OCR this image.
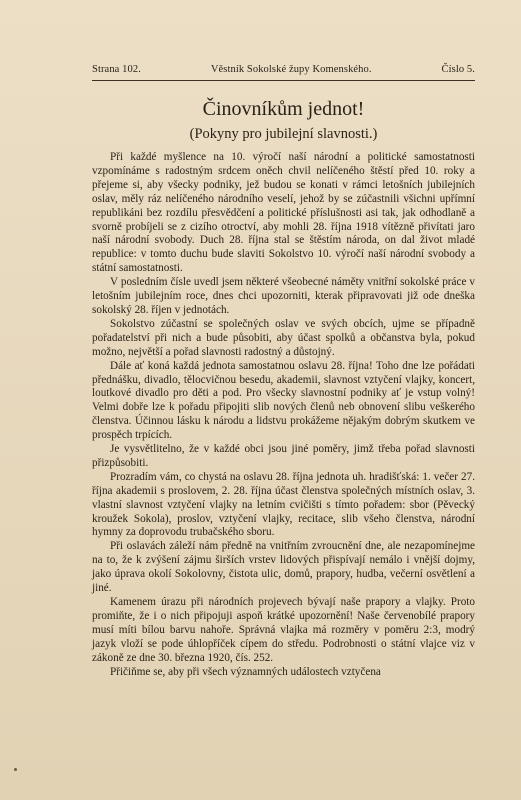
Strana 102.	Věstník Sokolské župy Komenského.	Číslo 5.
Činovníkům jednot!
(Pokyny pro jubilejní slavnosti.)

Při každé myšlence na 10. výročí naší národní a politické samostatnosti vzpomínáme s radostným srdcem oněch chvil nelíčeného štěstí před 10. roky a přejeme si, aby všecky podniky, jež budou se konati v rámci letošních jubilejních oslav, měly ráz nelíčeného národního veselí, jehož by se zúčastnili všichni upřímní republikáni bez rozdílu přesvědčení a politické příslušnosti asi tak, jak odhodlaně a svorně probíjeli se z cizího otroctví, aby mohli 28. října 1918 vítězně přivítati jaro naší národní svobody. Duch 28. října stal se štěstím národa, on dal život mladé republice: v tomto duchu bude slaviti Sokolstvo 10. výročí naší národní svobody a státní samostatnosti.

V posledním čísle uvedl jsem některé všeobecné náměty vnitřní sokolské práce v letošním jubilejním roce, dnes chci upozorniti, kterak připravovati již ode dneška sokolský 28. říjen v jednotách.

Sokolstvo zúčastní se společných oslav ve svých obcích, ujme se případně pořadatelství při nich a bude působiti, aby účast spolků a občanstva byla, pokud možno, největší a pořad slavnosti radostný a důstojný.

Dále ať koná každá jednota samostatnou oslavu 28. října! Toho dne lze pořádati přednášku, divadlo, tělocvičnou besedu, akademii, slavnost vztyčení vlajky, koncert, loutkové divadlo pro děti a pod. Pro všecky slavnostní podniky ať je vstup volný! Velmi dobře lze k pořadu připojiti slib nových členů neb obnovení slibu veškerého členstva. Účinnou lásku k národu a lidstvu prokážeme nějakým dobrým skutkem ve prospěch trpících.

Je vysvětlitelno, že v každé obci jsou jiné poměry, jimž třeba pořad slavnosti přizpůsobiti.

Prozradím vám, co chystá na oslavu 28. října jednota uh. hradišťská: 1. večer 27. října akademii s proslovem, 2. 28. října účast členstva společných místních oslav, 3. vlastní slavnost vztyčení vlajky na letním cvičišti s tímto pořadem: sbor (Pěvecký kroužek Sokola), proslov, vztyčení vlajky, recitace, slib všeho členstva, národní hymny za doprovodu trubačského sboru.

Při oslavách záleží nám předně na vnitřním zvroucnění dne, ale nezapomínejme na to, že k zvýšení zájmu širších vrstev lidových přispívají nemálo i vnější dojmy, jako úprava okolí Sokolovny, čistota ulic, domů, prapory, hudba, večerní osvětlení a jiné.

Kamenem úrazu při národních projevech bývají naše prapory a vlajky. Proto promiňte, že i o nich připojuji aspoň krátké upozornění! Naše červenobílé prapory musí míti bílou barvu nahoře. Správná vlajka má rozměry v poměru 2:3, modrý jazyk vloží se pode úhlopříček cípem do středu. Podrobnosti o státní vlajce viz v zákoně ze dne 30. března 1920, čís. 252.

Přičiňme se, aby při všech významných událostech vztyčena
